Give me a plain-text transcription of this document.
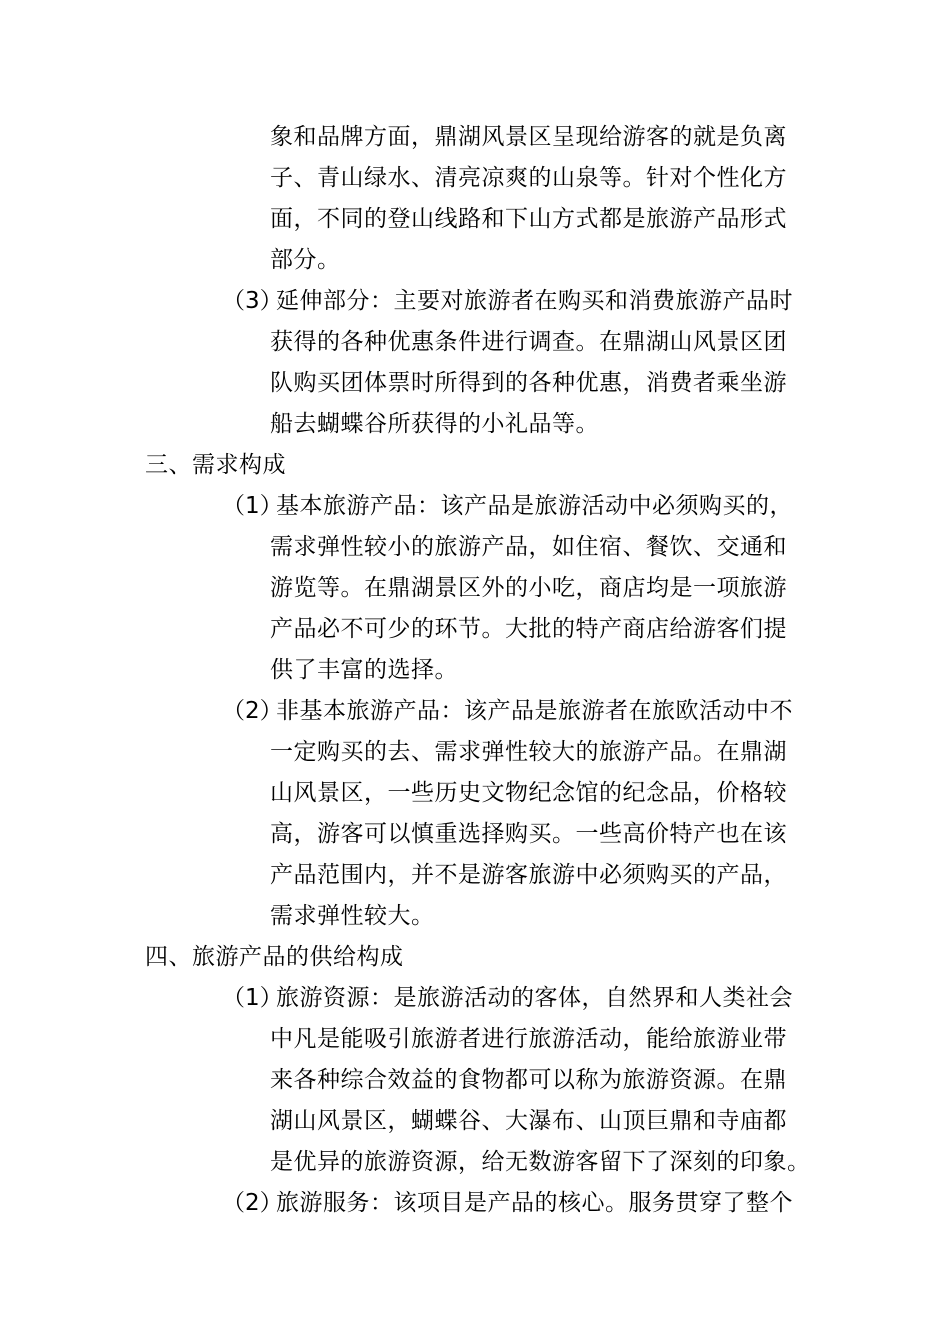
象和品牌方面，鼎湖风景区呈现给游客的就是负离
子、青山绿水、清亮凉爽的山泉等。针对个性化方
面，不同的登山线路和下山方式都是旅游产品形式
部分。
（3）
延伸部分：主要对旅游者在购买和消费旅游产品时
获得的各种优惠条件进行调查。在鼎湖山风景区团
队购买团体票时所得到的各种优惠，消费者乘坐游
船去蝴蝶谷所获得的小礼品等。
三、需求构成
（1）
基本旅游产品：该产品是旅游活动中必须购买的，
需求弹性较小的旅游产品，如住宿、餐饮、交通和
游览等。在鼎湖景区外的小吃，商店均是一项旅游
产品必不可少的环节。大批的特产商店给游客们提
供了丰富的选择。
（2）
非基本旅游产品：该产品是旅游者在旅欧活动中不
一定购买的去、需求弹性较大的旅游产品。在鼎湖
山风景区，一些历史文物纪念馆的纪念品，价格较
高，游客可以慎重选择购买。一些高价特产也在该
产品范围内，并不是游客旅游中必须购买的产品，
需求弹性较大。
四、旅游产品的供给构成
（1）
旅游资源：是旅游活动的客体，自然界和人类社会
中凡是能吸引旅游者进行旅游活动，能给旅游业带
来各种综合效益的食物都可以称为旅游资源。在鼎
湖山风景区，蝴蝶谷、大瀑布、山顶巨鼎和寺庙都
是优异的旅游资源，给无数游客留下了深刻的印象。
（2）
旅游服务：该项目是产品的核心。服务贯穿了整个
